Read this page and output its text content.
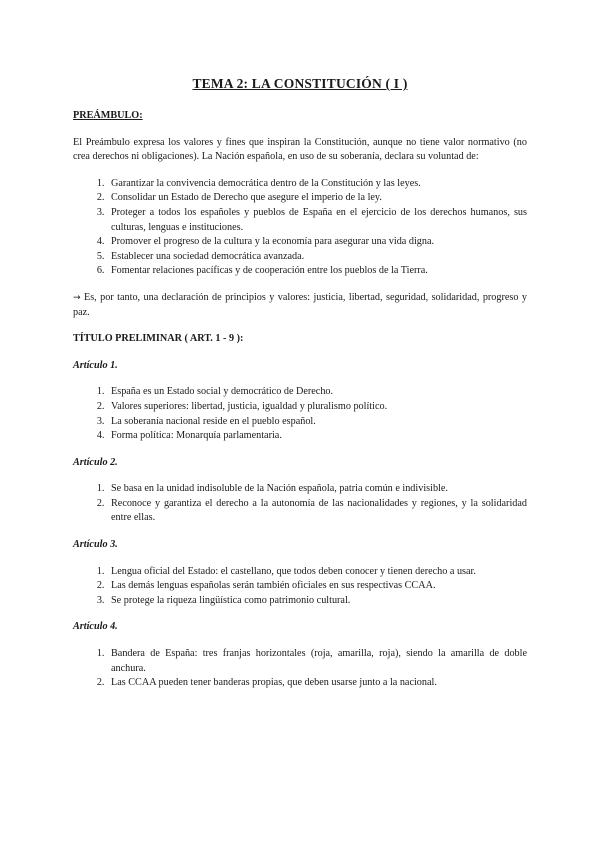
TEMA 2: LA CONSTITUCIÓN ( I )
PREÁMBULO:
El Preámbulo expresa los valores y fines que inspiran la Constitución, aunque no tiene valor normativo (no crea derechos ni obligaciones). La Nación española, en uso de su soberanía, declara su voluntad de:
1. Garantizar la convivencia democrática dentro de la Constitución y las leyes.
2. Consolidar un Estado de Derecho que asegure el imperio de la ley.
3. Proteger a todos los españoles y pueblos de España en el ejercicio de los derechos humanos, sus culturas, lenguas e instituciones.
4. Promover el progreso de la cultura y la economía para asegurar una vida digna.
5. Establecer una sociedad democrática avanzada.
6. Fomentar relaciones pacíficas y de cooperación entre los pueblos de la Tierra.
→ Es, por tanto, una declaración de principios y valores: justicia, libertad, seguridad, solidaridad, progreso y paz.
TÍTULO PRELIMINAR ( ART. 1 - 9 ):
Artículo 1.
1. España es un Estado social y democrático de Derecho.
2. Valores superiores: libertad, justicia, igualdad y pluralismo político.
3. La soberanía nacional reside en el pueblo español.
4. Forma política: Monarquía parlamentaria.
Artículo 2.
1. Se basa en la unidad indisoluble de la Nación española, patria común e indivisible.
2. Reconoce y garantiza el derecho a la autonomía de las nacionalidades y regiones, y la solidaridad entre ellas.
Artículo 3.
1. Lengua oficial del Estado: el castellano, que todos deben conocer y tienen derecho a usar.
2. Las demás lenguas españolas serán también oficiales en sus respectivas CCAA.
3. Se protege la riqueza lingüística como patrimonio cultural.
Artículo 4.
1. Bandera de España: tres franjas horizontales (roja, amarilla, roja), siendo la amarilla de doble anchura.
2. Las CCAA pueden tener banderas propias, que deben usarse junto a la nacional.
